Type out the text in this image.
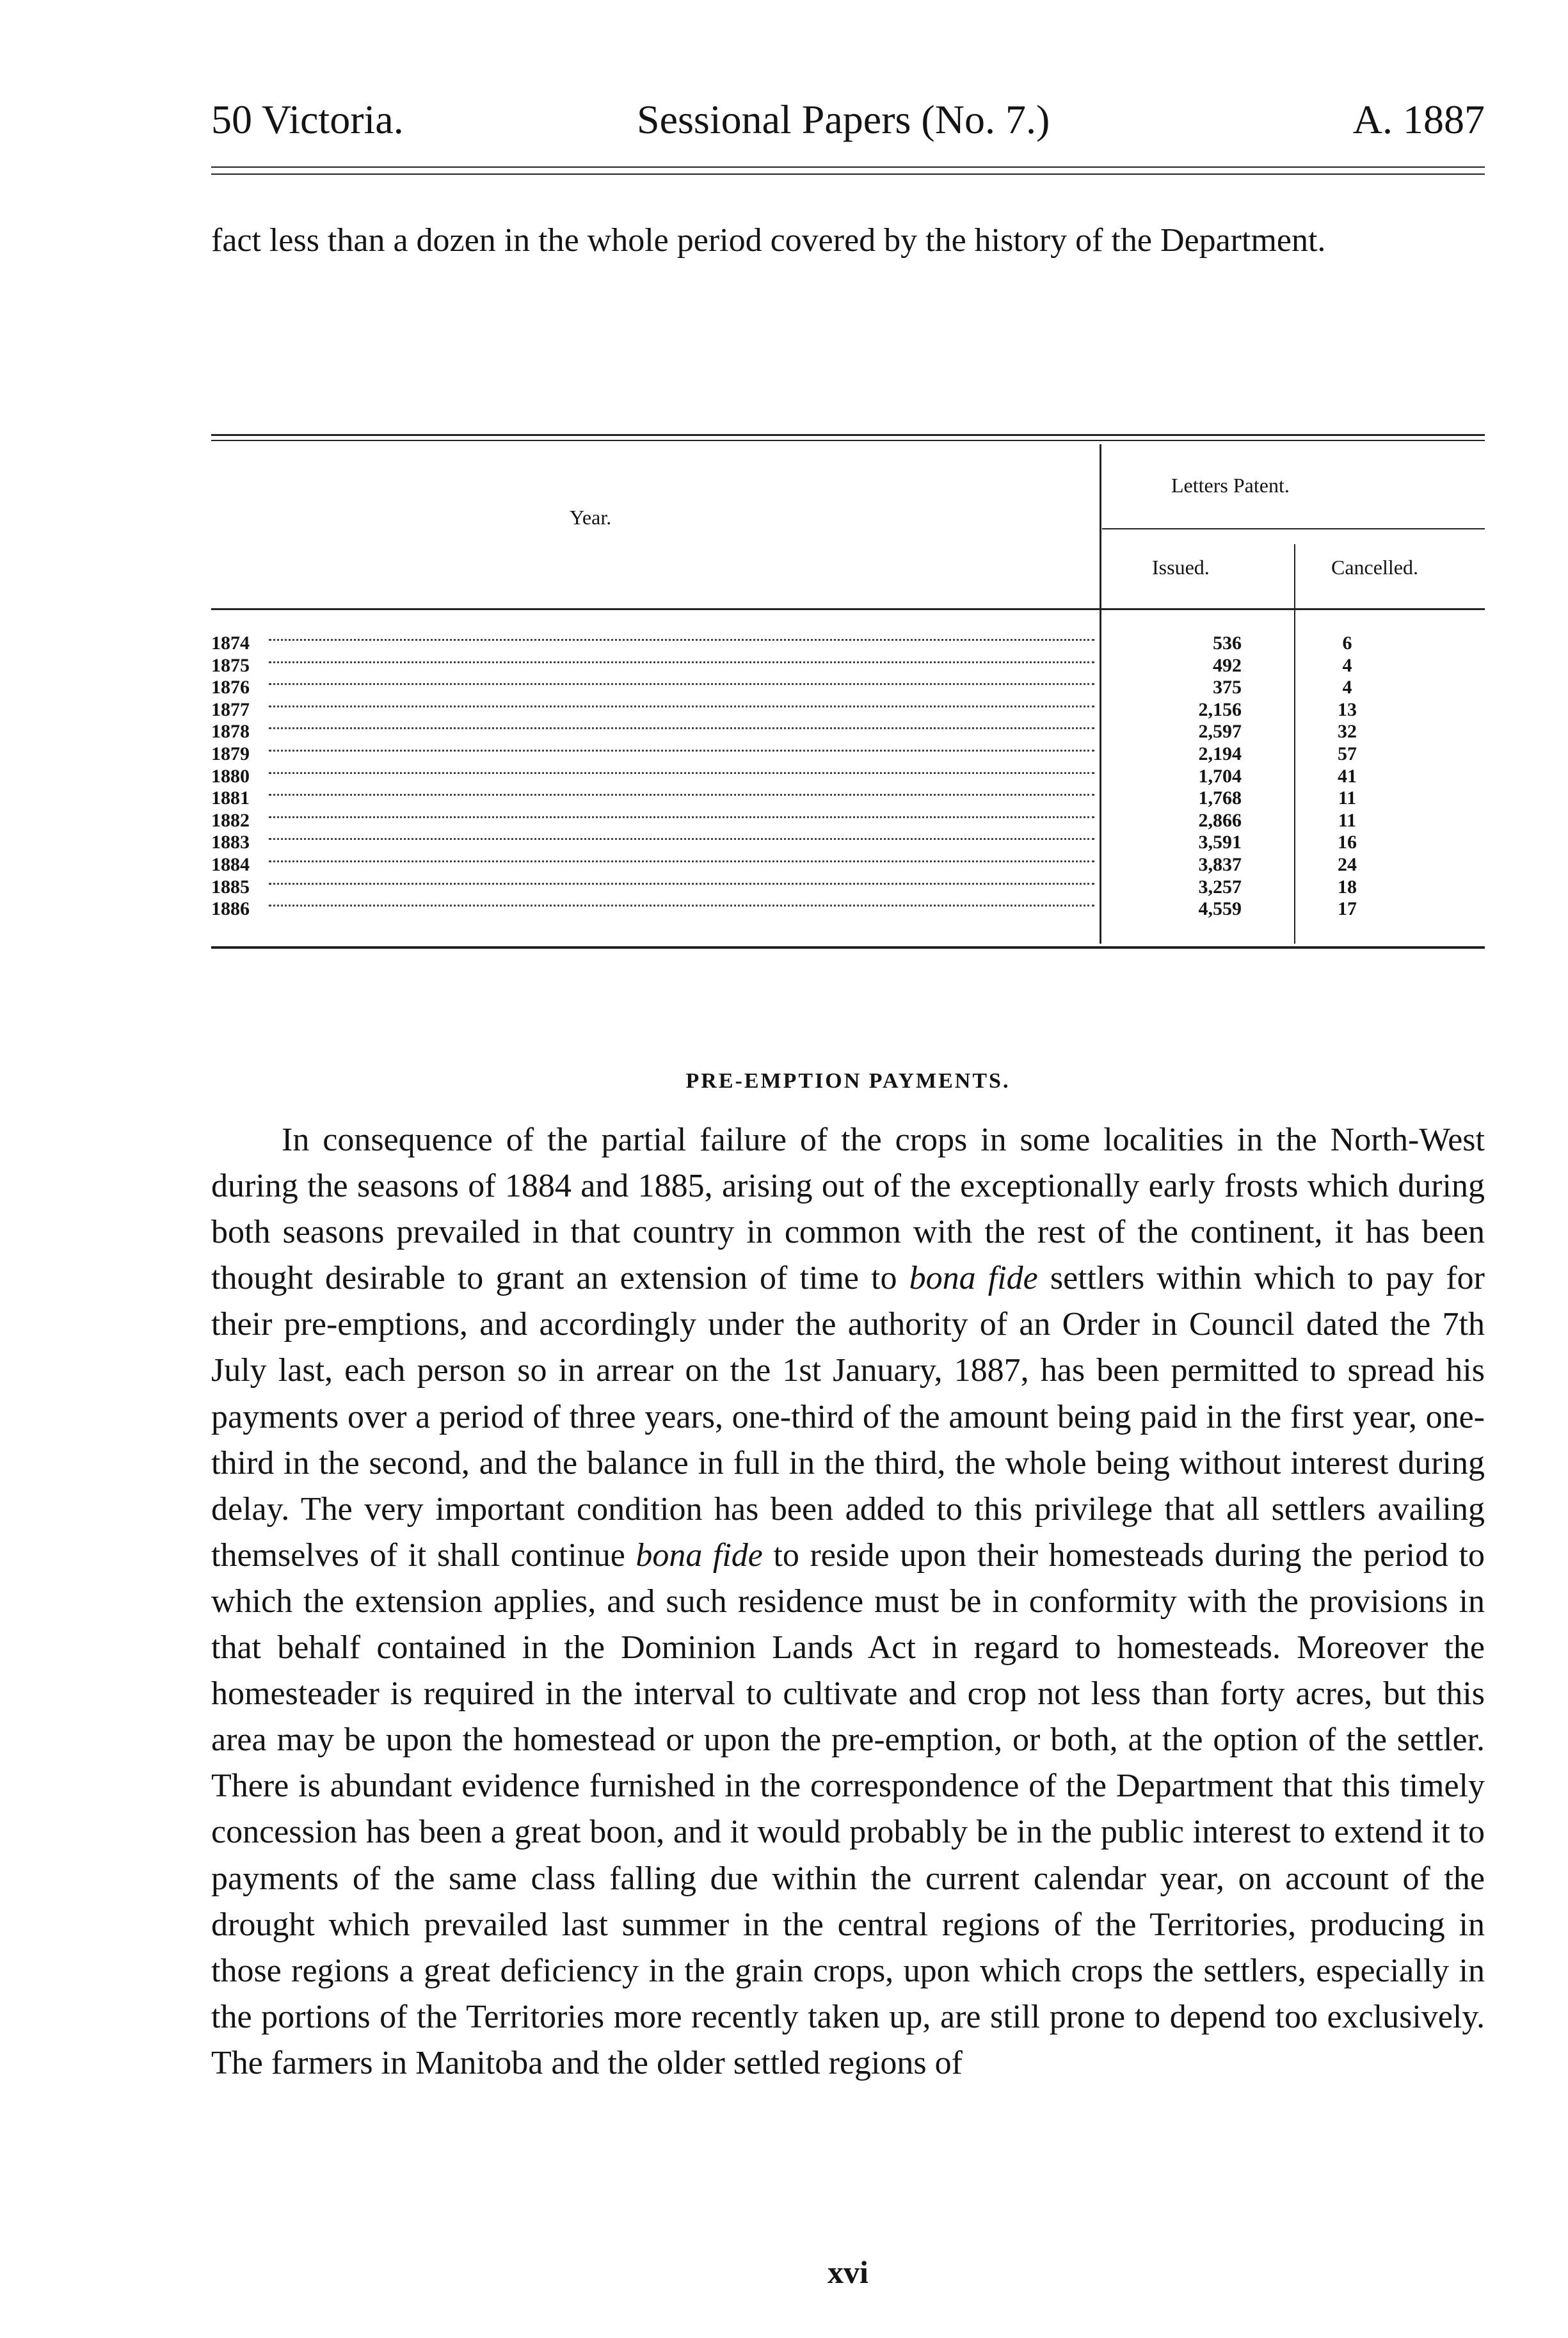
50 Victoria.	Sessional Papers (No. 7.)	A. 1887
fact less than a dozen in the whole period covered by the history of the Department.
Year.
Letters Patent.
Issued.	Cancelled.
1874	536	6
1875	492	4
1876	375	4
1877	2,156	13
1878	2,597	32
1879	2,194	57
1880	1,704	41
1881	1,768	11
1882	2,866	11
1883	3,591	16
1884	3,837	24
1885	3,257	18
1886	4,559	17
PRE-EMPTION PAYMENTS.
In consequence of the partial failure of the crops in some localities in the North-West during the seasons of 1884 and 1885, arising out of the exceptionally early frosts which during both seasons prevailed in that country in common with the rest of the continent, it has been thought desirable to grant an extension of time to bona fide settlers within which to pay for their pre-emptions, and accordingly under the authority of an Order in Council dated the 7th July last, each person so in arrear on the 1st January, 1887, has been permitted to spread his payments over a period of three years, one-third of the amount being paid in the first year, one-third in the second, and the balance in full in the third, the whole being without interest during delay. The very important condition has been added to this privilege that all settlers availing themselves of it shall continue bona fide to reside upon their homesteads during the period to which the extension applies, and such residence must be in conformity with the provisions in that behalf contained in the Dominion Lands Act in regard to homesteads. Moreover the homesteader is required in the interval to cultivate and crop not less than forty acres, but this area may be upon the homestead or upon the pre-emption, or both, at the option of the settler. There is abundant evidence furnished in the correspondence of the Department that this timely concession has been a great boon, and it would probably be in the public interest to extend it to payments of the same class falling due within the current calendar year, on account of the drought which prevailed last summer in the central regions of the Territories, producing in those regions a great deficiency in the grain crops, upon which crops the settlers, especially in the portions of the Territories more recently taken up, are still prone to depend too exclusively. The farmers in Manitoba and the older settled regions of
xvi
